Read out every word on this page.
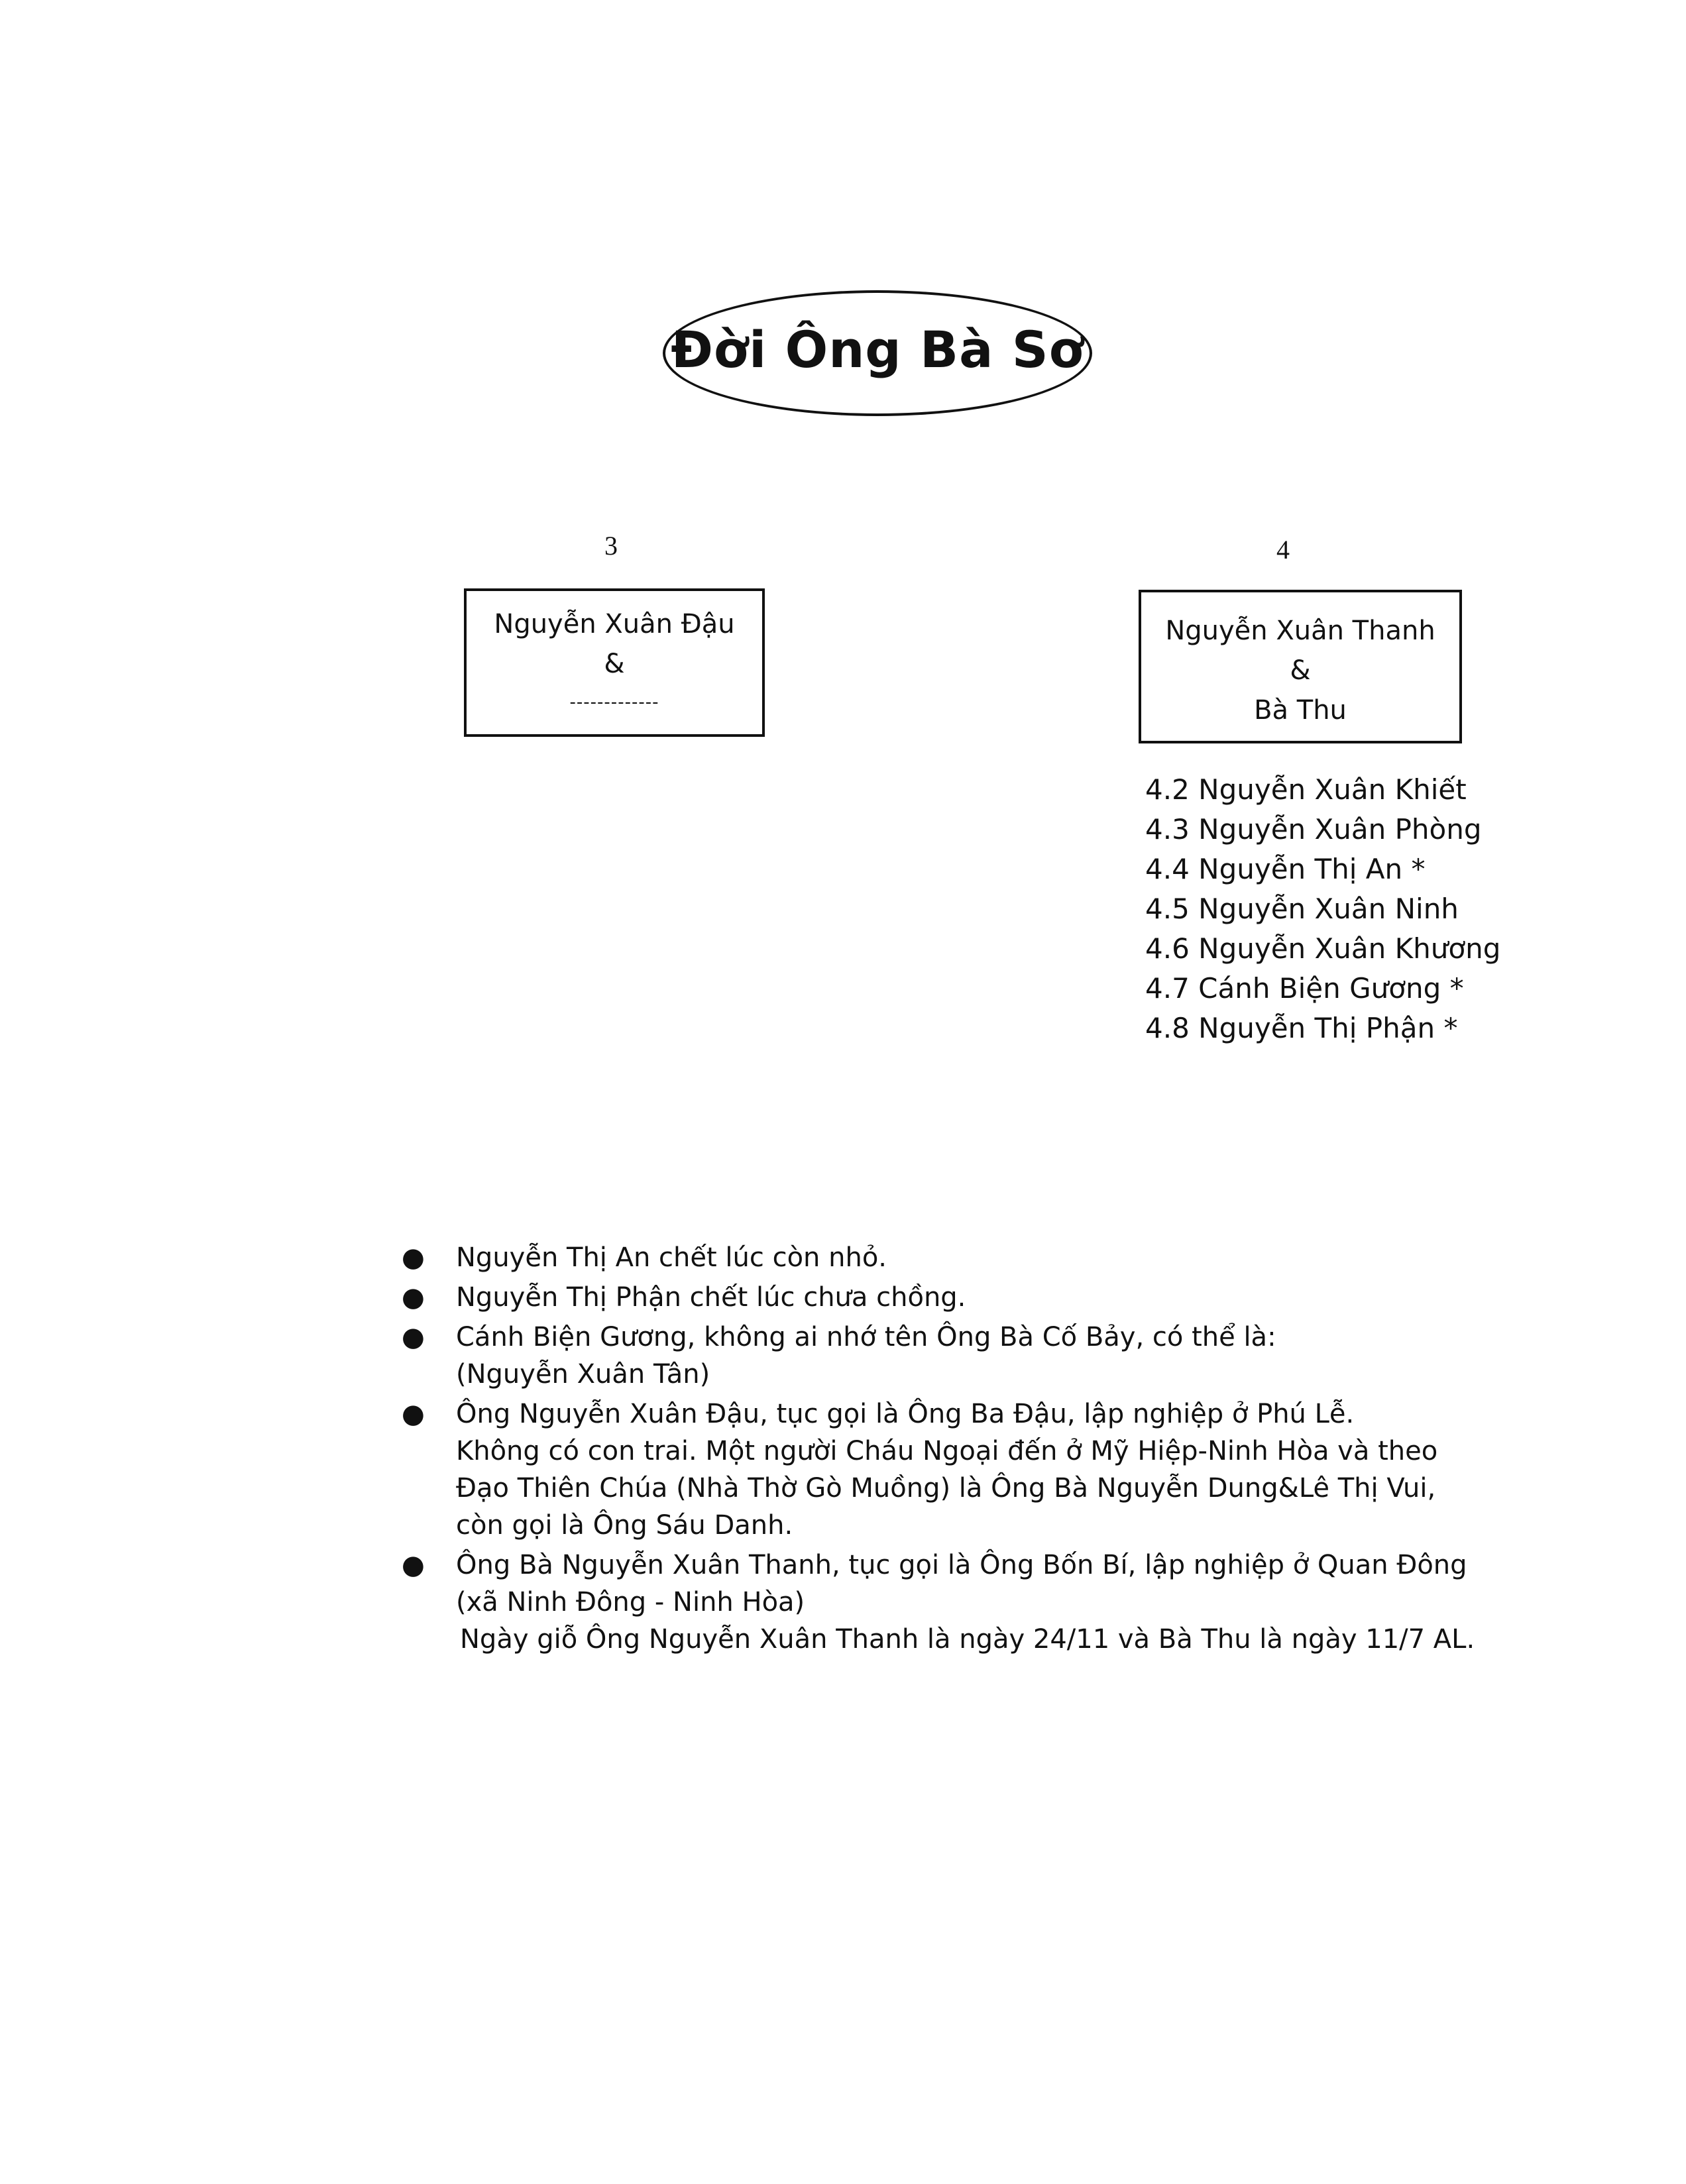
Đời Ông Bà Sơ
3
Nguyễn Xuân Đậu
&
-------------
4
Nguyễn Xuân Thanh
&
Bà Thu
4.2 Nguyễn Xuân Khiết
4.3 Nguyễn Xuân Phòng
4.4 Nguyễn Thị An *
4.5 Nguyễn Xuân Ninh
4.6 Nguyễn Xuân Khương
4.7 Cánh Biện Gương *
4.8 Nguyễn Thị Phận *
● Nguyễn Thị An chết lúc còn nhỏ.
● Nguyễn Thị Phận chết lúc chưa chồng.
● Cánh Biện Gương, không ai nhớ tên Ông Bà Cố Bảy, có thể là:
(Nguyễn Xuân Tân)
● Ông Nguyễn Xuân Đậu, tục gọi là Ông Ba Đậu, lập nghiệp ở Phú Lễ.
Không có con trai. Một người Cháu Ngoại đến ở Mỹ Hiệp-Ninh Hòa và theo
Đạo Thiên Chúa (Nhà Thờ Gò Muồng) là Ông Bà Nguyễn Dung&Lê Thị Vui,
còn gọi là Ông Sáu Danh.
● Ông Bà Nguyễn Xuân Thanh, tục gọi là Ông Bốn Bí, lập nghiệp ở Quan Đông
(xã Ninh Đông - Ninh Hòa)
Ngày giỗ Ông Nguyễn Xuân Thanh là ngày 24/11 và Bà Thu là ngày 11/7 AL.
